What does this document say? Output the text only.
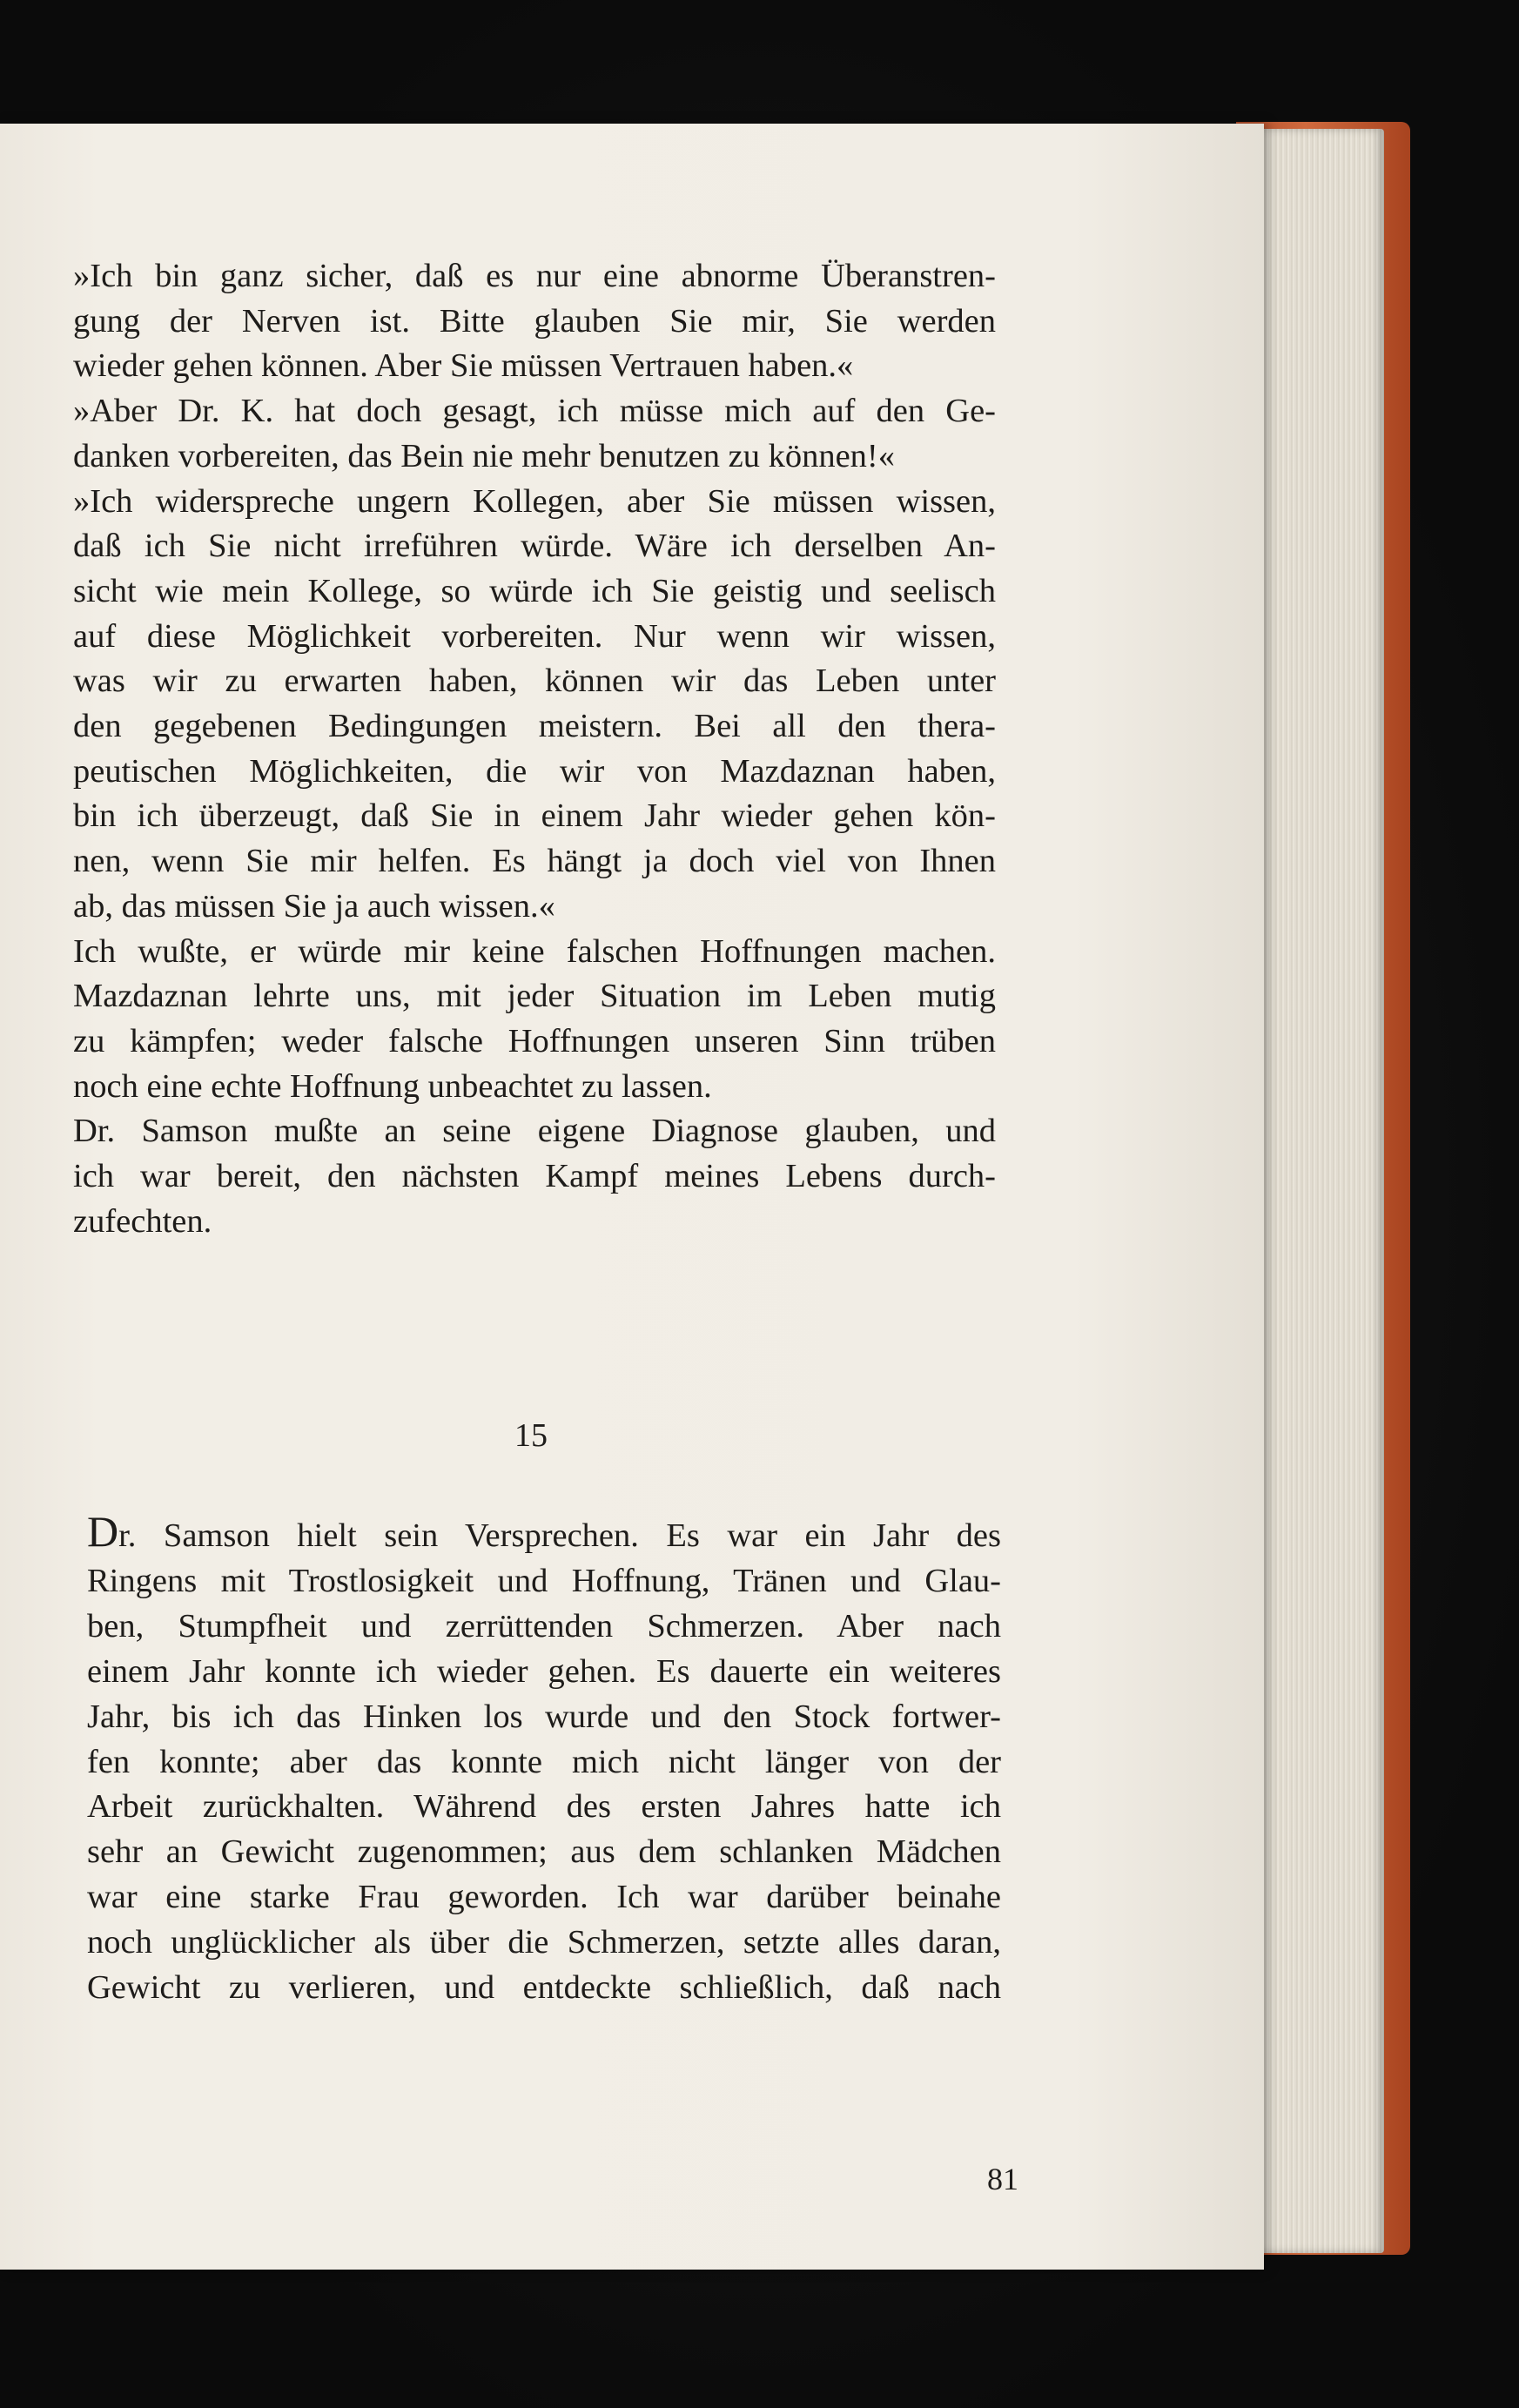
»Ich bin ganz sicher, daß es nur eine abnorme Überanstren-
gung der Nerven ist. Bitte glauben Sie mir, Sie werden
wieder gehen können. Aber Sie müssen Vertrauen haben.«
»Aber Dr. K. hat doch gesagt, ich müsse mich auf den Ge-
danken vorbereiten, das Bein nie mehr benutzen zu können!«
»Ich widerspreche ungern Kollegen, aber Sie müssen wissen,
daß ich Sie nicht irreführen würde. Wäre ich derselben An-
sicht wie mein Kollege, so würde ich Sie geistig und seelisch
auf diese Möglichkeit vorbereiten. Nur wenn wir wissen,
was wir zu erwarten haben, können wir das Leben unter
den gegebenen Bedingungen meistern. Bei all den thera-
peutischen Möglichkeiten, die wir von Mazdaznan haben,
bin ich überzeugt, daß Sie in einem Jahr wieder gehen kön-
nen, wenn Sie mir helfen. Es hängt ja doch viel von Ihnen
ab, das müssen Sie ja auch wissen.«
Ich wußte, er würde mir keine falschen Hoffnungen machen.
Mazdaznan lehrte uns, mit jeder Situation im Leben mutig
zu kämpfen; weder falsche Hoffnungen unseren Sinn trüben
noch eine echte Hoffnung unbeachtet zu lassen.
Dr. Samson mußte an seine eigene Diagnose glauben, und
ich war bereit, den nächsten Kampf meines Lebens durch-
zufechten.
15
Dr. Samson hielt sein Versprechen. Es war ein Jahr des
Ringens mit Trostlosigkeit und Hoffnung, Tränen und Glau-
ben, Stumpfheit und zerrüttenden Schmerzen. Aber nach
einem Jahr konnte ich wieder gehen. Es dauerte ein weiteres
Jahr, bis ich das Hinken los wurde und den Stock fortwer-
fen konnte; aber das konnte mich nicht länger von der
Arbeit zurückhalten. Während des ersten Jahres hatte ich
sehr an Gewicht zugenommen; aus dem schlanken Mädchen
war eine starke Frau geworden. Ich war darüber beinahe
noch unglücklicher als über die Schmerzen, setzte alles daran,
Gewicht zu verlieren, und entdeckte schließlich, daß nach
81
